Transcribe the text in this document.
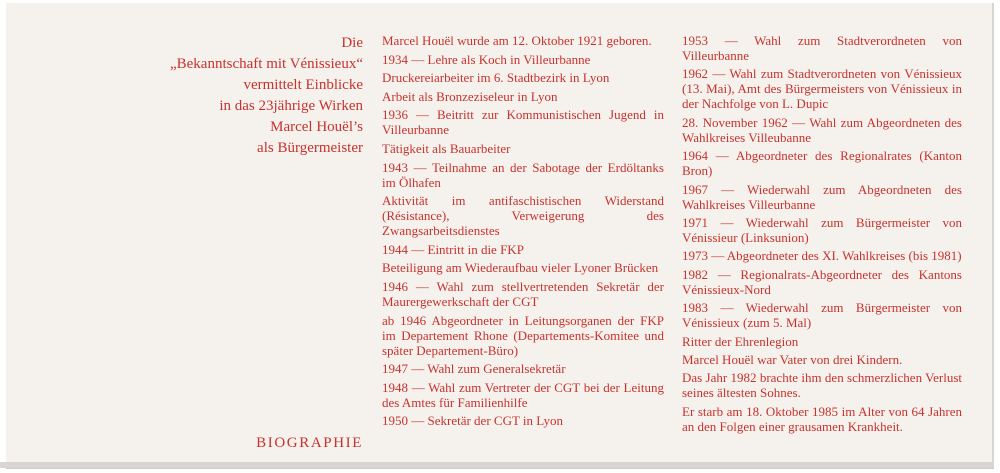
Die
„Bekanntschaft mit Vénissieux“
vermittelt Einblicke
in das 23jährige Wirken
Marcel Houël’s
als Bürgermeister
BIOGRAPHIE

Marcel Houël wurde am 12. Oktober 1921 geboren.

1934 — Lehre als Koch in Villeurbanne

Druckereiarbeiter im 6. Stadtbezirk in Lyon

Arbeit als Bronzeziseleur in Lyon

1936 — Beitritt zur Kommunistischen Jugend in Villeurbanne

Tätigkeit als Bauarbeiter

1943 — Teilnahme an der Sabotage der Erdöltanks im Ölhafen

Aktivität im antifaschistischen Widerstand (Résistance), Verweigerung des Zwangsarbeitsdienstes

1944 — Eintritt in die FKP

Beteiligung am Wiederaufbau vieler Lyoner Brücken

1946 — Wahl zum stellvertretenden Sekretär der Maurergewerkschaft der CGT

ab 1946 Abgeordneter in Leitungsorganen der FKP im Departement Rhone (Departements-Komitee und später Departement-Büro)

1947 — Wahl zum Generalsekretär

1948 — Wahl zum Vertreter der CGT bei der Leitung des Amtes für Familienhilfe

1950 — Sekretär der CGT in Lyon

1953 — Wahl zum Stadtverordneten von Villeurbanne

1962 — Wahl zum Stadtverordneten von Vénissieux (13. Mai), Amt des Bürgermeisters von Vénissieux in der Nachfolge von L. Dupic

28. November 1962 — Wahl zum Abgeordneten des Wahlkreises Villeubanne

1964 — Abgeordneter des Regionalrates (Kanton Bron)

1967 — Wiederwahl zum Abgeordneten des Wahlkreises Villeurbanne

1971 — Wiederwahl zum Bürgermeister von Vénissieur (Linksunion)

1973 — Abgeordneter des XI. Wahlkreises (bis 1981)

1982 — Regionalrats-Abgeordneter des Kantons Vénissieux-Nord

1983 — Wiederwahl zum Bürgermeister von Vénissieux (zum 5. Mal)

Ritter der Ehrenlegion

Marcel Houël war Vater von drei Kindern.

Das Jahr 1982 brachte ihm den schmerzlichen Verlust seines ältesten Sohnes.

Er starb am 18. Oktober 1985 im Alter von 64 Jahren an den Folgen einer grausamen Krankheit.
